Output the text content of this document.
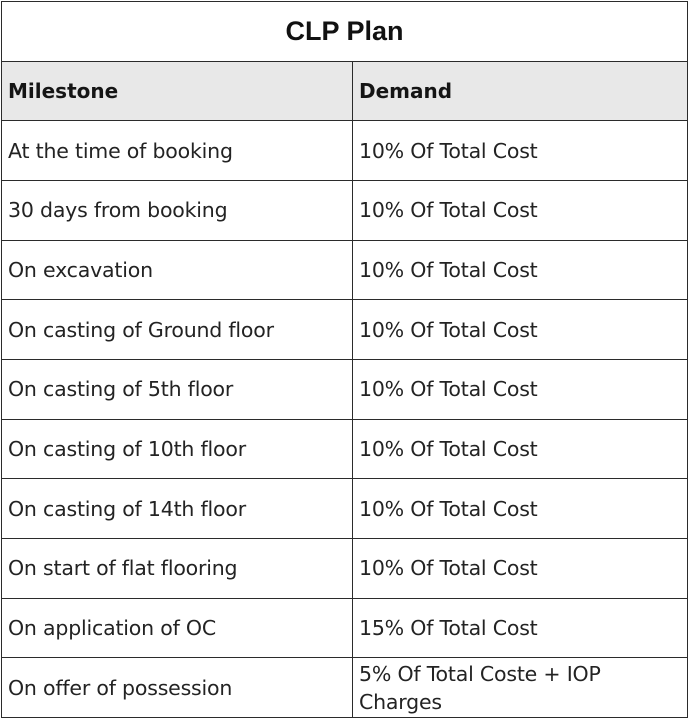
CLP Plan	
Milestone	Demand
At the time of booking	10% Of Total Cost
30 days from booking	10% Of Total Cost
On excavation	10% Of Total Cost
On casting of Ground floor	10% Of Total Cost
On casting of 5th floor	10% Of Total Cost
On casting of 10th floor	10% Of Total Cost
On casting of 14th floor	10% Of Total Cost
On start of flat flooring	10% Of Total Cost
On application of OC	15% Of Total Cost
On offer of possession	5% Of Total Coste + IOP Charges
